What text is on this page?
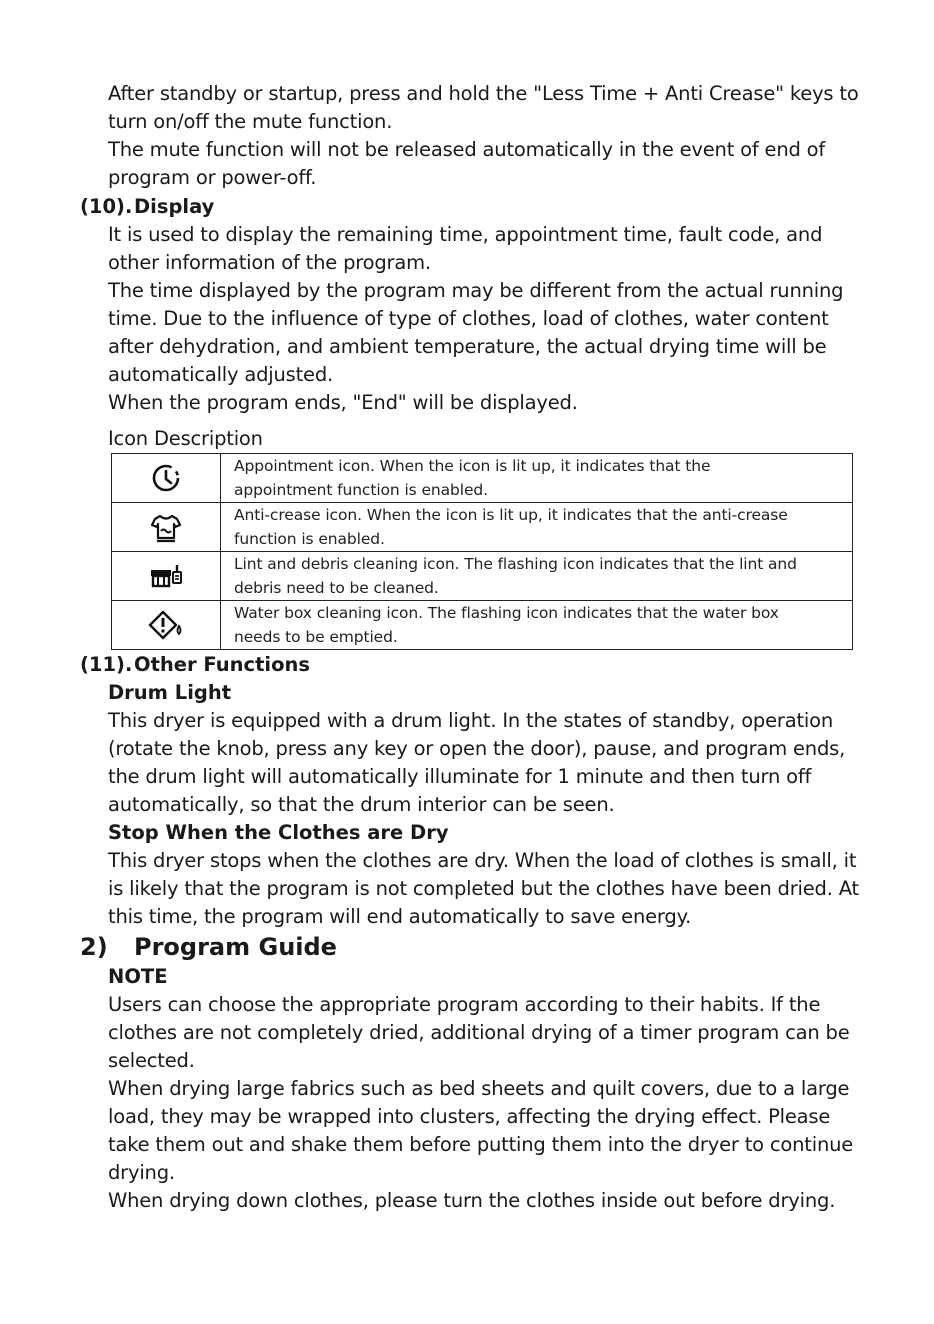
After standby or startup, press and hold the "Less Time + Anti Crease" keys to
turn on/off the mute function.
The mute function will not be released automatically in the event of end of
program or power-off.
(10).Display
It is used to display the remaining time, appointment time, fault code, and
other information of the program.
The time displayed by the program may be different from the actual running
time. Due to the influence of type of clothes, load of clothes, water content
after dehydration, and ambient temperature, the actual drying time will be
automatically adjusted.
When the program ends, "End" will be displayed.
Icon Description

Appointment icon. When the icon is lit up, it indicates that the
appointment function is enabled.

Anti-crease icon. When the icon is lit up, it indicates that the anti-crease
function is enabled.

Lint and debris cleaning icon. The flashing icon indicates that the lint and
debris need to be cleaned.

Water box cleaning icon. The flashing icon indicates that the water box
needs to be emptied.
(11).Other Functions
Drum Light
This dryer is equipped with a drum light. In the states of standby, operation
(rotate the knob, press any key or open the door), pause, and program ends,
the drum light will automatically illuminate for 1 minute and then turn off
automatically, so that the drum interior can be seen.
Stop When the Clothes are Dry
This dryer stops when the clothes are dry. When the load of clothes is small, it
is likely that the program is not completed but the clothes have been dried. At
this time, the program will end automatically to save energy.
2) Program Guide
NOTE
Users can choose the appropriate program according to their habits. If the
clothes are not completely dried, additional drying of a timer program can be
selected.
When drying large fabrics such as bed sheets and quilt covers, due to a large
load, they may be wrapped into clusters, affecting the drying effect. Please
take them out and shake them before putting them into the dryer to continue
drying.
When drying down clothes, please turn the clothes inside out before drying.
